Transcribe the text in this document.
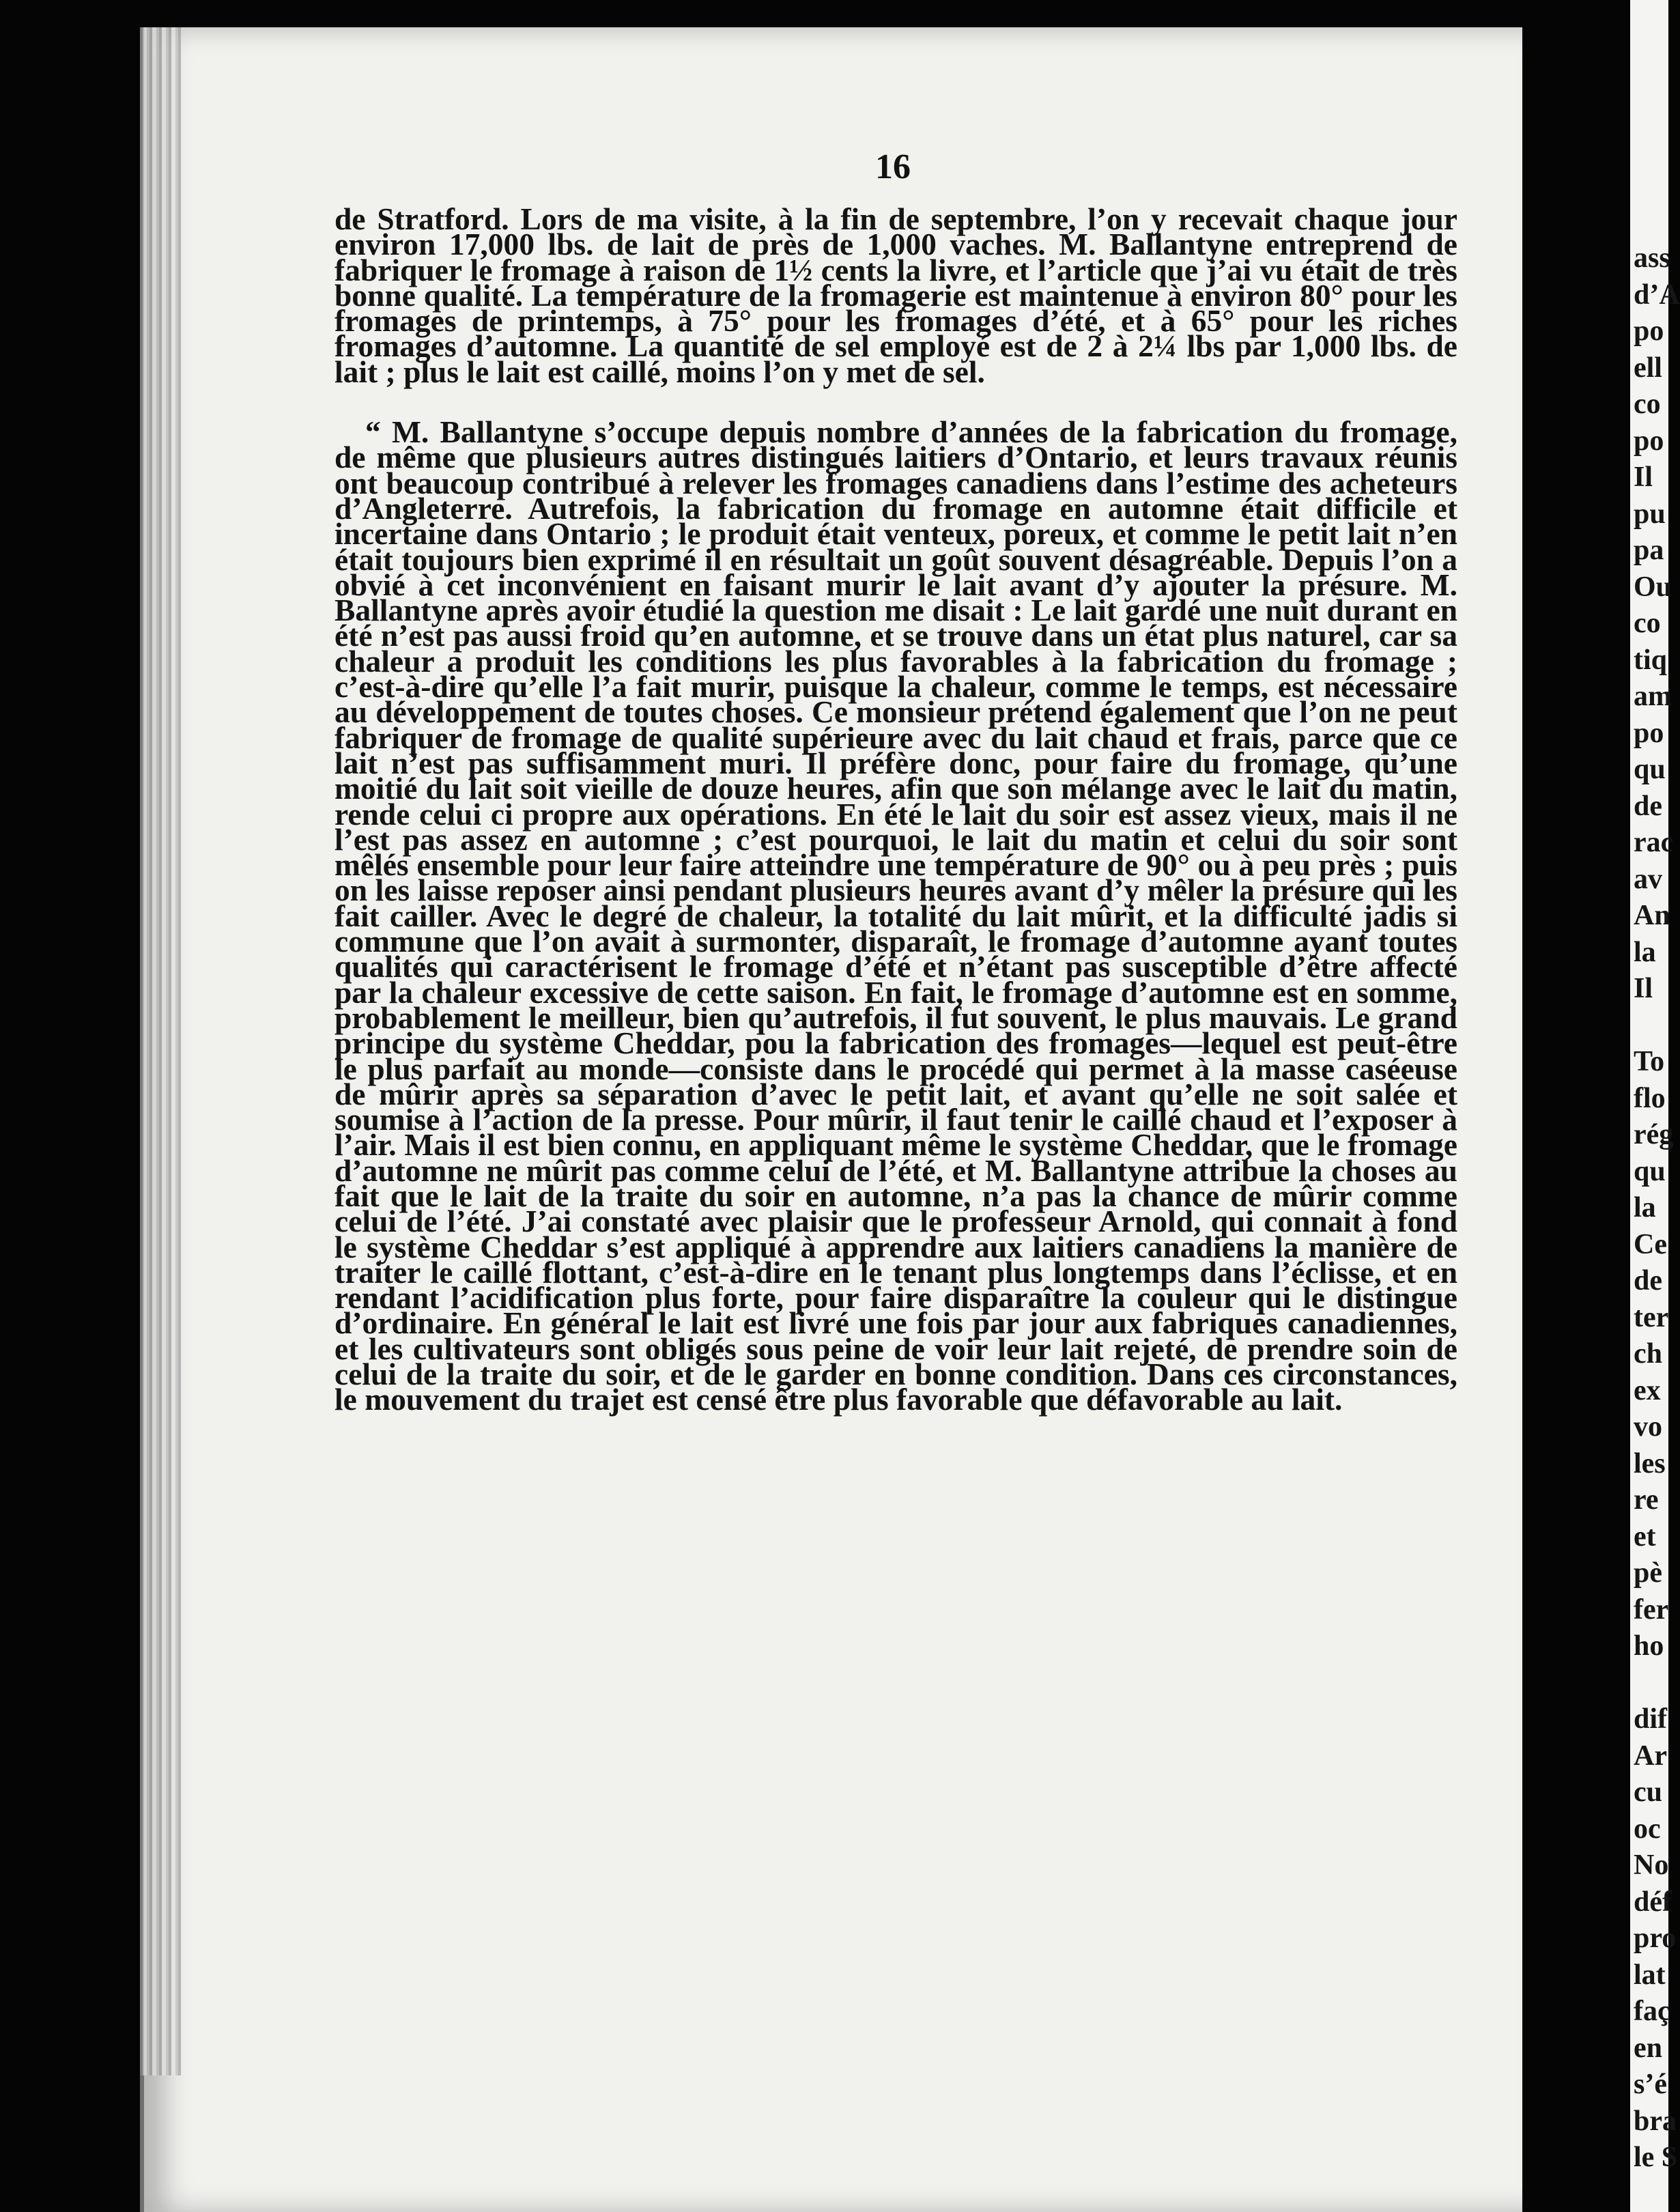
16

de Stratford. Lors de ma visite, à la fin de septembre, l’on y recevait chaque jour environ 17,000 lbs. de lait de près de 1,000 vaches. M. Ballantyne entreprend de fabriquer le fromage à raison de 1½ cents la livre, et l’article que j’ai vu était de très bonne qualité. La température de la fromagerie est maintenue à environ 80° pour les fromages de printemps, à 75° pour les fromages d’été, et à 65° pour les riches fromages d’automne. La quantité de sel employé est de 2 à 2¼ lbs par 1,000 lbs. de lait ; plus le lait est caillé, moins l’on y met de sel.

“ M. Ballantyne s’occupe depuis nombre d’années de la fabrication du fromage, de même que plusieurs autres distingués laitiers d’Ontario, et leurs travaux réunis ont beaucoup contribué à relever les fromages canadiens dans l’estime des acheteurs d’Angleterre. Autrefois, la fabrication du fromage en automne était difficile et incertaine dans Ontario ; le produit était venteux, poreux, et comme le petit lait n’en était toujours bien exprimé il en résultait un goût souvent désagréable. Depuis l’on a obvié à cet inconvénient en faisant murir le lait avant d’y ajouter la présure. M. Ballantyne après avoir étudié la question me disait : Le lait gardé une nuit durant en été n’est pas aussi froid qu’en automne, et se trouve dans un état plus naturel, car sa chaleur a produit les conditions les plus favorables à la fabrication du fromage ; c’est-à-dire qu’elle l’a fait murir, puisque la chaleur, comme le temps, est nécessaire au développement de toutes choses. Ce monsieur prétend également que l’on ne peut fabriquer de fromage de qualité supérieure avec du lait chaud et frais, parce que ce lait n’est pas suffisamment muri. Il préfère donc, pour faire du fromage, qu’une moitié du lait soit vieille de douze heures, afin que son mélange avec le lait du matin, rende celui ci propre aux opérations. En été le lait du soir est assez vieux, mais il ne l’est pas assez en automne ; c’est pourquoi, le lait du matin et celui du soir sont mêlés ensemble pour leur faire atteindre une température de 90° ou à peu près ; puis on les laisse reposer ainsi pendant plusieurs heures avant d’y mêler la présure qui les fait cailler. Avec le degré de chaleur, la totalité du lait mûrit, et la difficulté jadis si commune que l’on avait à surmonter, disparaît, le fromage d’automne ayant toutes qualités qui caractérisent le fromage d’été et n’étant pas susceptible d’être affecté par la chaleur excessive de cette saison. En fait, le fromage d’automne est en somme, probablement le meilleur, bien qu’autrefois, il fut souvent, le plus mauvais. Le grand principe du système Cheddar, pou la fabrication des fromages—lequel est peut-être le plus parfait au monde—consiste dans le procédé qui permet à la masse caséeuse de mûrir après sa séparation d’avec le petit lait, et avant qu’elle ne soit salée et soumise à l’action de la presse. Pour mûrir, il faut tenir le caillé chaud et l’exposer à l’air. Mais il est bien connu, en appliquant même le système Cheddar, que le fromage d’automne ne mûrit pas comme celui de l’été, et M. Ballantyne attribue la choses au fait que le lait de la traite du soir en automne, n’a pas la chance de mûrir comme celui de l’été. J’ai constaté avec plaisir que le professeur Arnold, qui connait à fond le système Cheddar s’est appliqué à apprendre aux laitiers canadiens la manière de traiter le caillé flottant, c’est-à-dire en le tenant plus longtemps dans l’éclisse, et en rendant l’acidification plus forte, pour faire disparaître la couleur qui le distingue d’ordinaire. En général le lait est livré une fois par jour aux fabriques canadiennes, et les cultivateurs sont obligés sous peine de voir leur lait rejeté, de prendre soin de celui de la traite du soir, et de le garder en bonne condition. Dans ces circonstances, le mouvement du trajet est censé être plus favorable que défavorable au lait.

ass
d’A
po
ell
co
po
Il
pu
pa
Ou
co
tiq
am
po
qu
de
rac
av
An
la
Il

To
flo
rég
qu
la
Ce
de
ter
ch
ex
vo
les
re
et
pè
fer
ho

dif
Ar
cu
oc
No
déf
pro
lat
faç
en
s’é
bra
le S
